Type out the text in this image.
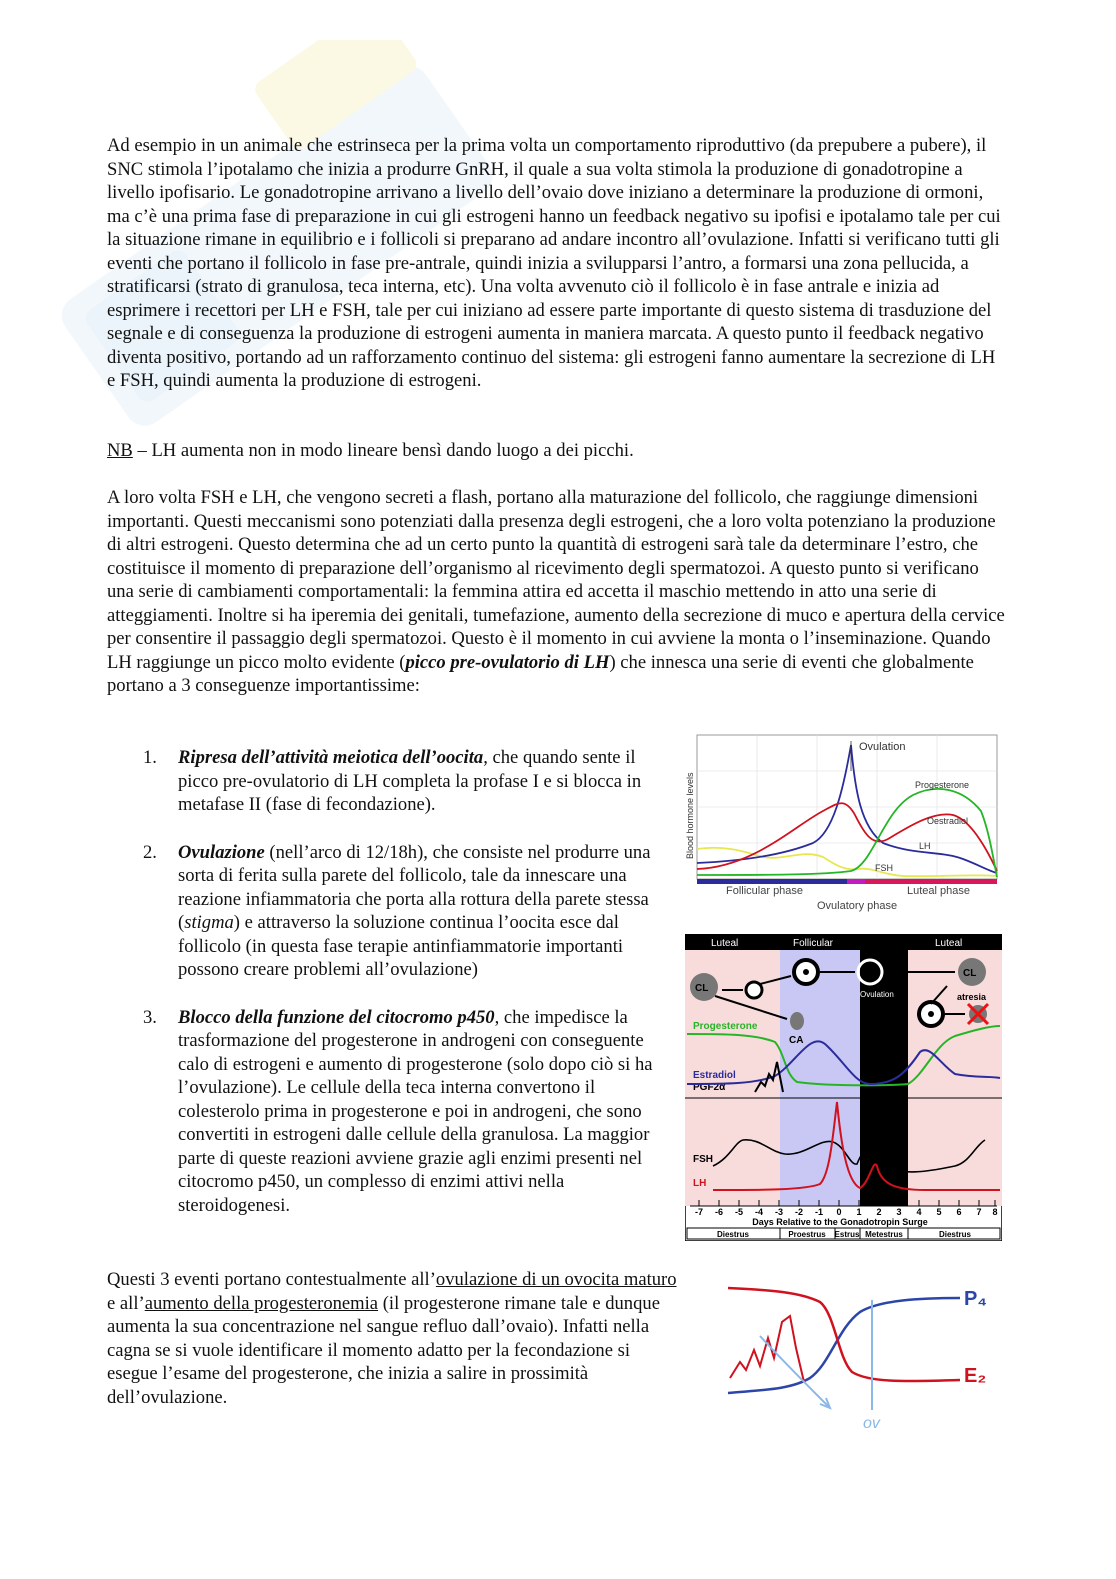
Ad esempio in un animale che estrinseca per la prima volta un comportamento riproduttivo (da prepubere a pubere), il SNC stimola l’ipotalamo che inizia a produrre GnRH, il quale a sua volta stimola la produzione di gonadotropine a livello ipofisario. Le gonadotropine arrivano a livello dell’ovaio dove iniziano a determinare la produzione di ormoni, ma c’è una prima fase di preparazione in cui gli estrogeni hanno un feedback negativo su ipofisi e ipotalamo tale per cui la situazione rimane in equilibrio e i follicoli si preparano ad andare incontro all’ovulazione. Infatti si verificano tutti gli eventi che portano il follicolo in fase pre-antrale, quindi inizia a svilupparsi l’antro, a formarsi una zona pellucida, a stratificarsi (strato di granulosa, teca interna, etc). Una volta avvenuto ciò il follicolo è in fase antrale e inizia ad esprimere i recettori per LH e FSH, tale per cui iniziano ad essere parte importante di questo sistema di trasduzione del segnale e di conseguenza la produzione di estrogeni aumenta in maniera marcata. A questo punto il feedback negativo diventa positivo, portando ad un rafforzamento continuo del sistema: gli estrogeni fanno aumentare la secrezione di LH e FSH, quindi aumenta la produzione di estrogeni.

NB – LH aumenta non in modo lineare bensì dando luogo a dei picchi.

A loro volta FSH e LH, che vengono secreti a flash, portano alla maturazione del follicolo, che raggiunge dimensioni importanti. Questi meccanismi sono potenziati dalla presenza degli estrogeni, che a loro volta potenziano la produzione di altri estrogeni. Questo determina che ad un certo punto la quantità di estrogeni sarà tale da determinare l’estro, che costituisce il momento di preparazione dell’organismo al ricevimento degli spermatozoi. A questo punto si verificano una serie di cambiamenti comportamentali: la femmina attira ed accetta il maschio mettendo in atto una serie di atteggiamenti. Inoltre si ha iperemia dei genitali, tumefazione, aumento della secrezione di muco e apertura della cervice per consentire il passaggio degli spermatozoi. Questo è il momento in cui avviene la monta o l’inseminazione. Quando LH raggiunge un picco molto evidente (picco pre-ovulatorio di LH) che innesca una serie di eventi che globalmente portano a 3 conseguenze importantissime:

1. Ripresa dell’attività meiotica dell’oocita, che quando sente il picco pre-ovulatorio di LH completa la profase I e si blocca in metafase II (fase di fecondazione).
2. Ovulazione (nell’arco di 12/18h), che consiste nel produrre una sorta di ferita sulla parete del follicolo, tale da innescare una reazione infiammatoria che porta alla rottura della parete stessa (stigma) e attraverso la soluzione continua l’oocita esce dal follicolo (in questa fase terapie antinfiammatorie importanti possono creare problemi all’ovulazione)
3. Blocco della funzione del citocromo p450, che impedisce la trasformazione del progesterone in androgeni con conseguente calo di estrogeni e aumento di progesterone (solo dopo ciò si ha l’ovulazione). Le cellule della teca interna convertono il colesterolo prima in progesterone e poi in androgeni, che sono convertiti in estrogeni dalle cellule della granulosa. La maggior parte di queste reazioni avviene grazie agli enzimi presenti nel citocromo p450, un complesso di enzimi attivi nella steroidogenesi.

Questi 3 eventi portano contestualmente all’ovulazione di un ovocita maturo e all’aumento della progesteronemia (il progesterone rimane tale e dunque aumenta la sua concentrazione nel sangue refluo dall’ovaio). Infatti nella cagna se si vuole identificare il momento adatto per la fecondazione si esegue l’esame del progesterone, che inizia a salire in prossimità dell’ovulazione.

Blood hormone levels
Ovulation
Progesterone
Oestradiol
LH
FSH
Follicular phase	Luteal phase
Ovulatory phase
Luteal	Follicular	Luteal
CL
Ovulation
CL
atresia
CA
Progesterone
Estradiol
PGF2α
FSH
LH
-7 -6 -5 -4 -3 -2 -1 0 1 2 3 4 5 6 7 8
Days Relative to the Gonadotropin Surge
Diestrus	Proestrus Estrus Metestrus	Diestrus
P₄
E₂
ov
